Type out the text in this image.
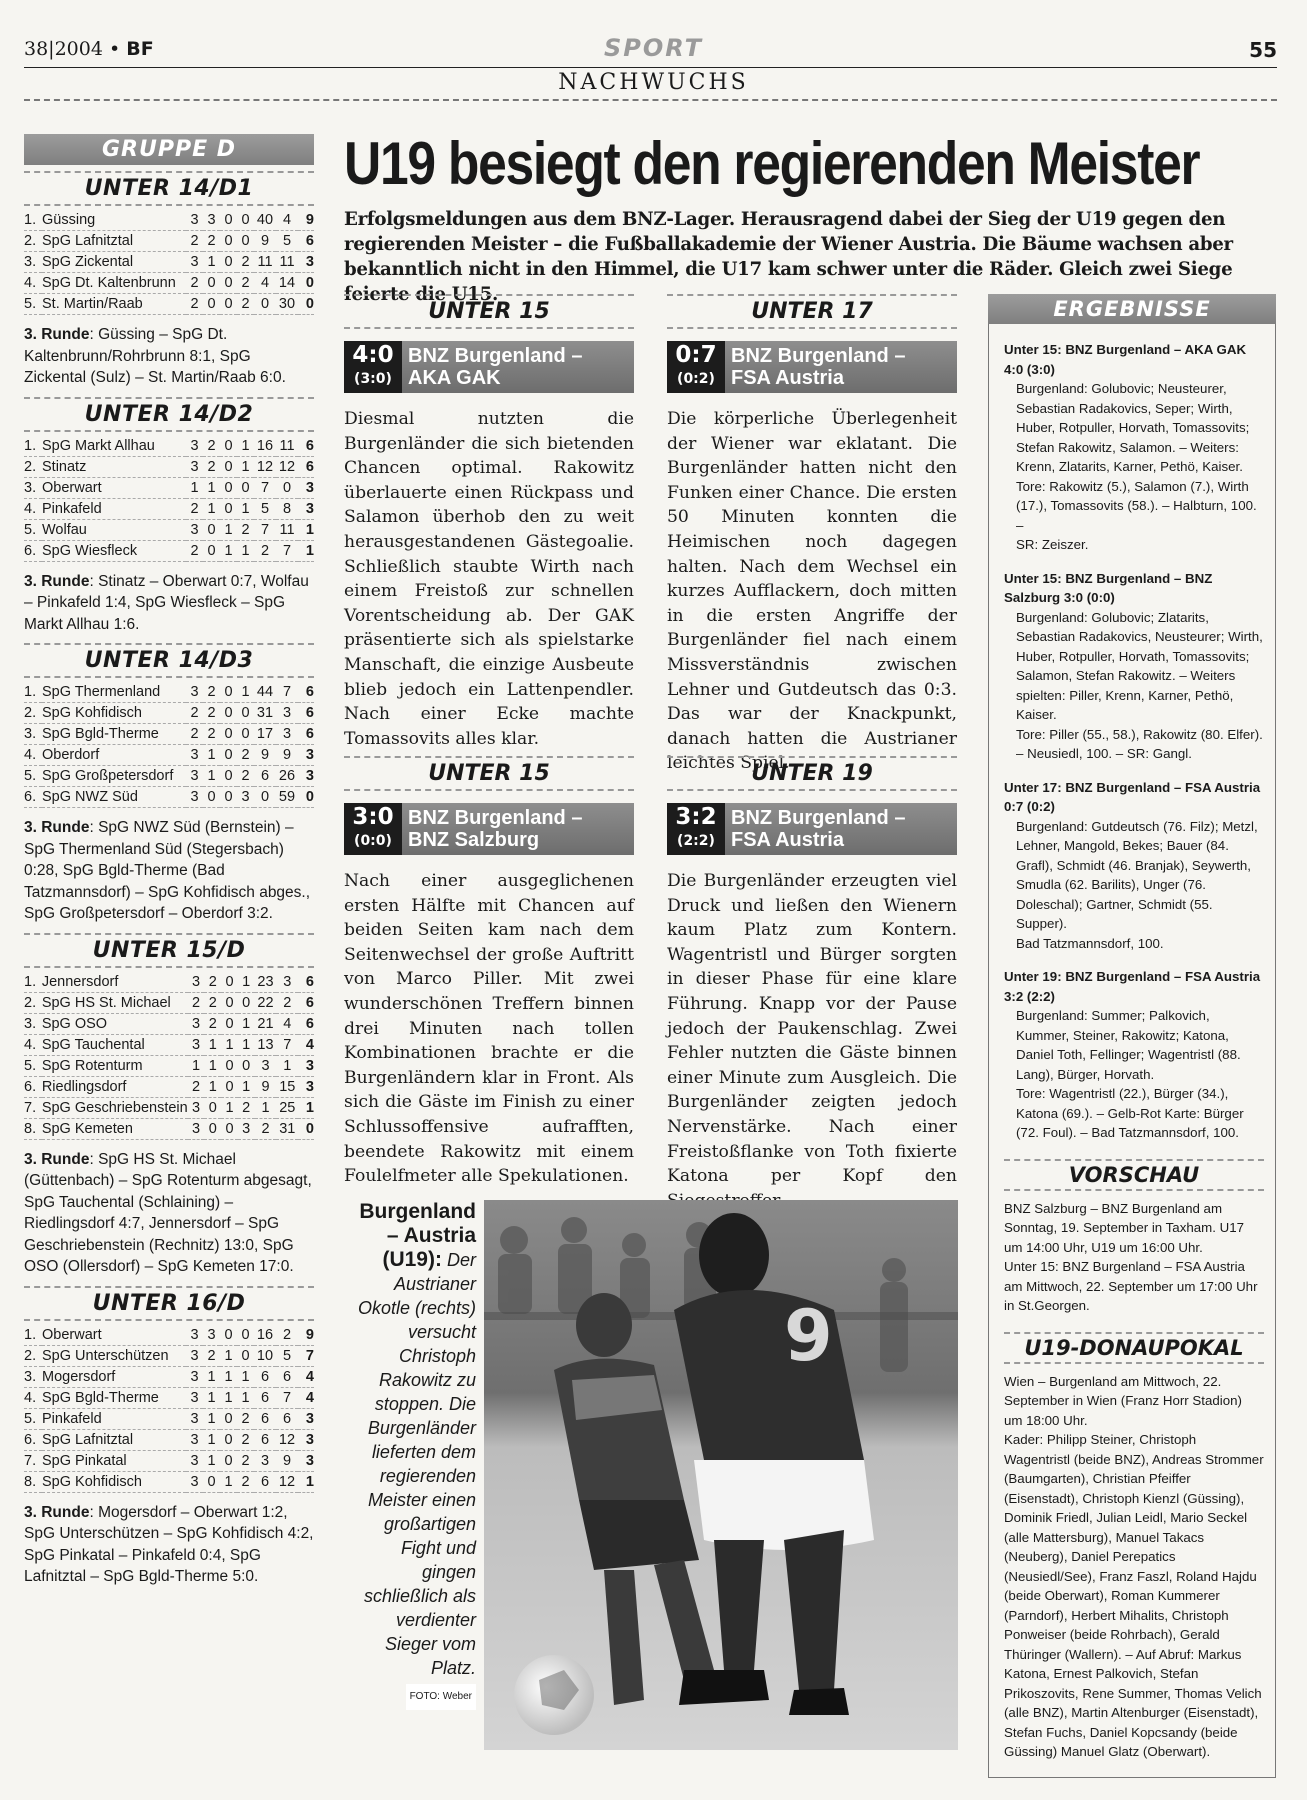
38|2004 • BF	SPORT	55
NACHWUCHS
GRUPPE D
UNTER 14/D1
1.	Güssing	3	3	0	0	40	4	9
2.	SpG Lafnitztal	2	2	0	0	9	5	6
3.	SpG Zickental	3	1	0	2	11	11	3
4.	SpG Dt. Kaltenbrunn	2	0	0	2	4	14	0
5.	St. Martin/Raab	2	0	0	2	0	30	0
3. Runde: Güssing – SpG Dt. Kaltenbrunn/Rohrbrunn 8:1, SpG Zickental (Sulz) – St. Martin/Raab 6:0.
UNTER 14/D2
1.	SpG Markt Allhau	3	2	0	1	16	11	6
2.	Stinatz	3	2	0	1	12	12	6
3.	Oberwart	1	1	0	0	7	0	3
4.	Pinkafeld	2	1	0	1	5	8	3
5.	Wolfau	3	0	1	2	7	11	1
6.	SpG Wiesfleck	2	0	1	1	2	7	1
3. Runde: Stinatz – Oberwart 0:7, Wolfau – Pinkafeld 1:4, SpG Wiesfleck – SpG Markt Allhau 1:6.
UNTER 14/D3
1.	SpG Thermenland	3	2	0	1	44	7	6
2.	SpG Kohfidisch	2	2	0	0	31	3	6
3.	SpG Bgld-Therme	2	2	0	0	17	3	6
4.	Oberdorf	3	1	0	2	9	9	3
5.	SpG Großpetersdorf	3	1	0	2	6	26	3
6.	SpG NWZ Süd	3	0	0	3	0	59	0
3. Runde: SpG NWZ Süd (Bernstein) – SpG Thermenland Süd (Stegersbach) 0:28, SpG Bgld-Therme (Bad Tatzmannsdorf) – SpG Kohfidisch abges., SpG Großpetersdorf – Oberdorf 3:2.
UNTER 15/D
1.	Jennersdorf	3	2	0	1	23	3	6
2.	SpG HS St. Michael	2	2	0	0	22	2	6
3.	SpG OSO	3	2	0	1	21	4	6
4.	SpG Tauchental	3	1	1	1	13	7	4
5.	SpG Rotenturm	1	1	0	0	3	1	3
6.	Riedlingsdorf	2	1	0	1	9	15	3
7.	SpG Geschriebenstein	3	0	1	2	1	25	1
8.	SpG Kemeten	3	0	0	3	2	31	0
3. Runde: SpG HS St. Michael (Güttenbach) – SpG Rotenturm abgesagt, SpG Tauchental (Schlaining) – Riedlingsdorf 4:7, Jennersdorf – SpG Geschriebenstein (Rechnitz) 13:0, SpG OSO (Ollersdorf) – SpG Kemeten 17:0.
UNTER 16/D
1.	Oberwart	3	3	0	0	16	2	9
2.	SpG Unterschützen	3	2	1	0	10	5	7
3.	Mogersdorf	3	1	1	1	6	6	4
4.	SpG Bgld-Therme	3	1	1	1	6	7	4
5.	Pinkafeld	3	1	0	2	6	6	3
6.	SpG Lafnitztal	3	1	0	2	6	12	3
7.	SpG Pinkatal	3	1	0	2	3	9	3
8.	SpG Kohfidisch	3	0	1	2	6	12	1
3. Runde: Mogersdorf – Oberwart 1:2, SpG Unterschützen – SpG Kohfidisch 4:2, SpG Pinkatal – Pinkafeld 0:4, SpG Lafnitztal – SpG Bgld-Therme 5:0.
U19 besiegt den regierenden Meister
Erfolgsmeldungen aus dem BNZ-Lager. Herausragend dabei der Sieg der U19 gegen den regierenden Meister – die Fußballakademie der Wiener Austria. Die Bäume wachsen aber bekanntlich nicht in den Himmel, die U17 kam schwer unter die Räder. Gleich zwei Siege feierte die U15.
UNTER 15
4:0
(3:0)
BNZ Burgenland –
AKA GAK
Diesmal nutzten die Burgenländer die sich bietenden Chancen optimal. Rakowitz überlauerte einen Rückpass und Salamon überhob den zu weit herausgestandenen Gästegoalie. Schließlich staubte Wirth nach einem Freistoß zur schnellen Vorentscheidung ab. Der GAK präsentierte sich als spielstarke Manschaft, die einzige Ausbeute blieb jedoch ein Lattenpendler. Nach einer Ecke machte Tomassovits alles klar.
UNTER 17
0:7
(0:2)
BNZ Burgenland –
FSA Austria
Die körperliche Überlegenheit der Wiener war eklatant. Die Burgenländer hatten nicht den Funken einer Chance. Die ersten 50 Minuten konnten die Heimischen noch dagegen halten. Nach dem Wechsel ein kurzes Aufflackern, doch mitten in die ersten Angriffe der Burgenländer fiel nach einem Missverständnis zwischen Lehner und Gutdeutsch das 0:3. Das war der Knackpunkt, danach hatten die Austrianer leichtes Spiel.
UNTER 15
3:0
(0:0)
BNZ Burgenland –
BNZ Salzburg
Nach einer ausgeglichenen ersten Hälfte mit Chancen auf beiden Seiten kam nach dem Seitenwechsel der große Auftritt von Marco Piller. Mit zwei wunderschönen Treffern binnen drei Minuten nach tollen Kombinationen brachte er die Burgenländern klar in Front. Als sich die Gäste im Finish zu einer Schlussoffensive aufrafften, beendete Rakowitz mit einem Foulelfmeter alle Spekulationen.
UNTER 19
3:2
(2:2)
BNZ Burgenland –
FSA Austria
Die Burgenländer erzeugten viel Druck und ließen den Wienern kaum Platz zum Kontern. Wagentristl und Bürger sorgten in dieser Phase für eine klare Führung. Knapp vor der Pause jedoch der Paukenschlag. Zwei Fehler nutzten die Gäste binnen einer Minute zum Ausgleich. Die Burgenländer zeigten jedoch Nervenstärke. Nach einer Freistoßflanke von Toth fixierte Katona per Kopf den
Burgenland – Austria (U19): Der Austrianer Okotle (rechts) versucht Christoph Rakowitz zu stoppen. Die Burgenländer lieferten dem regierenden Meister einen großartigen Fight und gingen schließlich als verdienter Sieger vom Platz.
FOTO: Weber
9
ERGEBNISSE

Unter 15: BNZ Burgenland – AKA GAK 4:0 (3:0)

Burgenland: Golubovic; Neusteurer, Sebastian Radakovics, Seper; Wirth, Huber, Rotpuller, Horvath, Tomassovits; Stefan Rakowitz, Salamon. – Weiters: Krenn, Zlatarits, Karner, Pethö, Kaiser.
Tore: Rakowitz (5.), Salamon (7.), Wirth (17.), Tomassovits (58.). – Halbturn, 100. –
SR: Zeiszer.

Unter 15: BNZ Burgenland – BNZ Salzburg 3:0 (0:0)

Burgenland: Golubovic; Zlatarits, Sebastian Radakovics, Neusteurer; Wirth, Huber, Rotpuller, Horvath, Tomassovits; Salamon, Stefan Rakowitz. – Weiters spielten: Piller, Krenn, Karner, Pethö, Kaiser.
Tore: Piller (55., 58.), Rakowitz (80. Elfer). – Neusiedl, 100. – SR: Gangl.

Unter 17: BNZ Burgenland – FSA Austria 0:7 (0:2)

Burgenland: Gutdeutsch (76. Filz); Metzl, Lehner, Mangold, Bekes; Bauer (84. Grafl), Schmidt (46. Branjak), Seywerth, Smudla (62. Barilits), Unger (76. Doleschal); Gartner, Schmidt (55. Supper).
Bad Tatzmannsdorf, 100.

Unter 19: BNZ Burgenland – FSA Austria 3:2 (2:2)

Burgenland: Summer; Palkovich, Kummer, Steiner, Rakowitz; Katona, Daniel Toth, Fellinger; Wagentristl (88. Lang), Bürger, Horvath.
Tore: Wagentristl (22.), Bürger (34.), Katona (69.). – Gelb-Rot Karte: Bürger (72. Foul). – Bad Tatzmannsdorf, 100.

VORSCHAU

BNZ Salzburg – BNZ Burgenland am Sonntag, 19. September in Taxham. U17 um 14:00 Uhr, U19 um 16:00 Uhr.

Unter 15: BNZ Burgenland – FSA Austria am Mittwoch, 22. September um 17:00 Uhr in St.Georgen.

U19-DONAUPOKAL

Wien – Burgenland am Mittwoch, 22. September in Wien (Franz Horr Stadion) um 18:00 Uhr.

Kader: Philipp Steiner, Christoph Wagentristl (beide BNZ), Andreas Strommer (Baumgarten), Christian Pfeiffer (Eisenstadt), Christoph Kienzl (Güssing), Dominik Friedl, Julian Leidl, Mario Seckel (alle Mattersburg), Manuel Takacs (Neuberg), Daniel Perepatics (Neusiedl/See), Franz Faszl, Roland Hajdu (beide Oberwart), Roman Kummerer (Parndorf), Herbert Mihalits, Christoph Ponweiser (beide Rohrbach), Gerald Thüringer (Wallern). – Auf Abruf: Markus Katona, Ernest Palkovich, Stefan Prikoszovits, Rene Summer, Thomas Velich (alle BNZ), Martin Altenburger (Eisenstadt), Stefan Fuchs, Daniel Kopcsandy (beide Güssing) Manuel Glatz (Oberwart).
